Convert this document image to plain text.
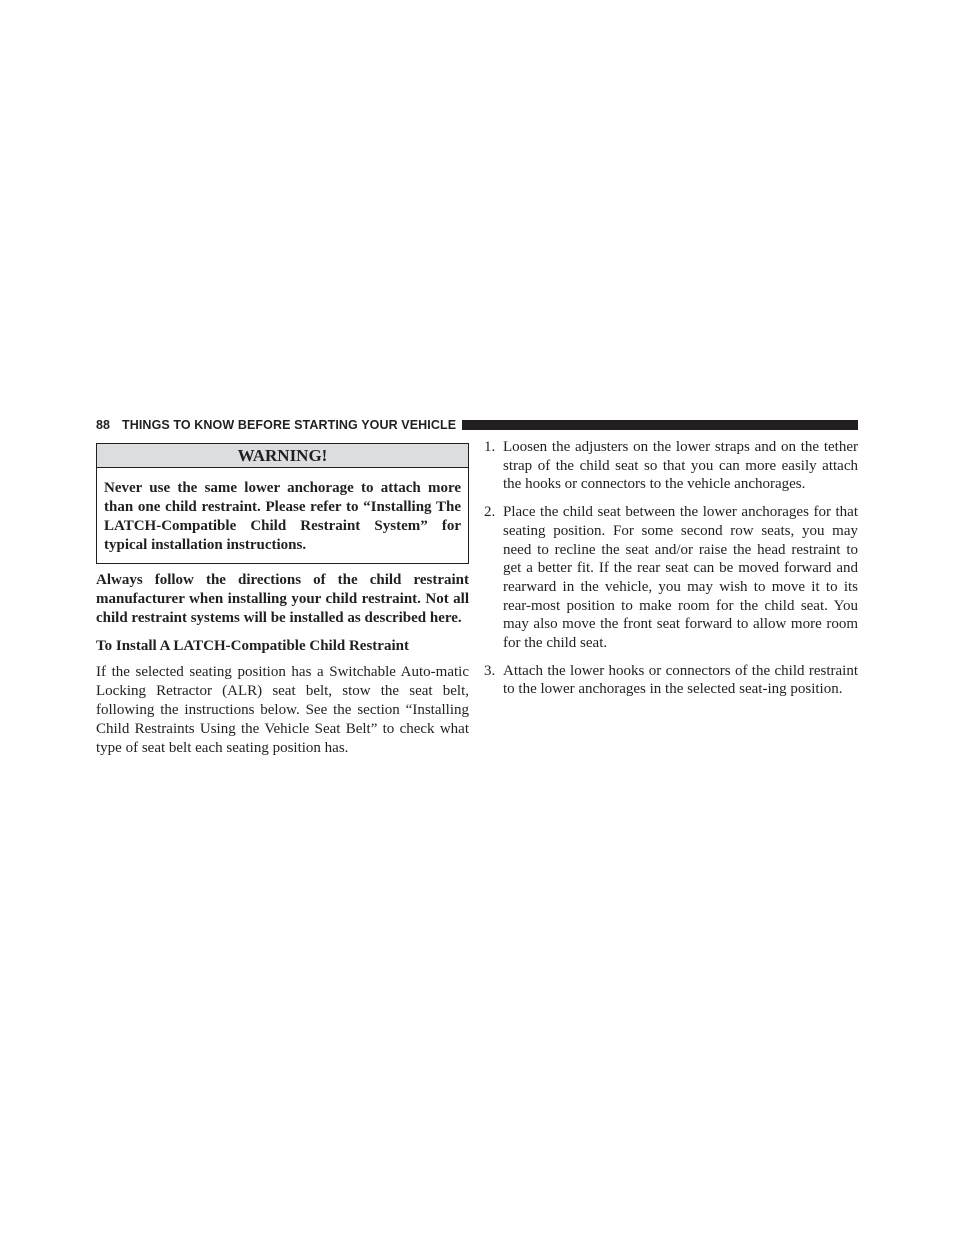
88 THINGS TO KNOW BEFORE STARTING YOUR VEHICLE
WARNING!
Never use the same lower anchorage to attach more than one child restraint. Please refer to “Installing The LATCH-Compatible Child Restraint System” for typical installation instructions.

Always follow the directions of the child restraint manufacturer when installing your child restraint. Not all child restraint systems will be installed as described here.

To Install A LATCH-Compatible Child Restraint

If the selected seating position has a Switchable Auto-matic Locking Retractor (ALR) seat belt, stow the seat belt, following the instructions below. See the section “Installing Child Restraints Using the Vehicle Seat Belt” to check what type of seat belt each seating position has.

1. Loosen the adjusters on the lower straps and on the tether strap of the child seat so that you can more easily attach the hooks or connectors to the vehicle anchorages.
2. Place the child seat between the lower anchorages for that seating position. For some second row seats, you may need to recline the seat and/or raise the head restraint to get a better fit. If the rear seat can be moved forward and rearward in the vehicle, you may wish to move it to its rear-most position to make room for the child seat. You may also move the front seat forward to allow more room for the child seat.
3. Attach the lower hooks or connectors of the child restraint to the lower anchorages in the selected seat-ing position.
